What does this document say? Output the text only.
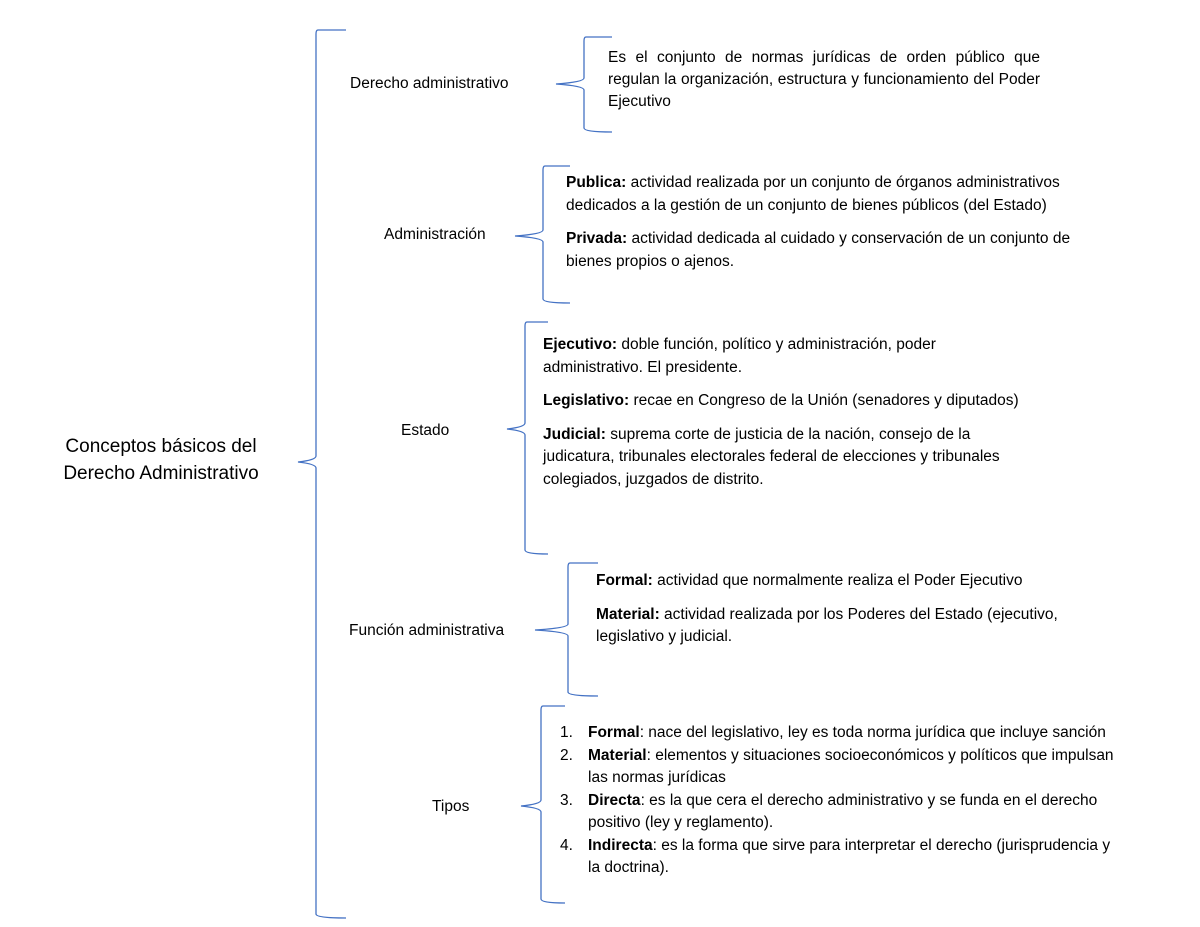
Conceptos básicos del
Derecho Administrativo
Derecho administrativo
Es el conjunto de normas jurídicas de orden público que regulan la organización, estructura y funcionamiento del Poder Ejecutivo
Administración
Publica: actividad realizada por un conjunto de órganos administrativos dedicados a la gestión de un conjunto de bienes públicos (del Estado)
Privada: actividad dedicada al cuidado y conservación de un conjunto de bienes propios o ajenos.
Estado
Ejecutivo: doble función, político y administración, poder administrativo. El presidente.
Legislativo: recae en Congreso de la Unión (senadores y diputados)
Judicial: suprema corte de justicia de la nación, consejo de la judicatura, tribunales electorales federal de elecciones y tribunales colegiados, juzgados de distrito.
Función administrativa
Formal: actividad que normalmente realiza el Poder Ejecutivo
Material: actividad realizada por los Poderes del Estado (ejecutivo, legislativo y judicial.
Tipos
1. Formal: nace del legislativo, ley es toda norma jurídica que incluye sanción
2. Material: elementos y situaciones socioeconómicos y políticos que impulsan las normas jurídicas
3. Directa: es la que cera el derecho administrativo y se funda en el derecho positivo (ley y reglamento).
4. Indirecta: es la forma que sirve para interpretar el derecho (jurisprudencia y la doctrina).
